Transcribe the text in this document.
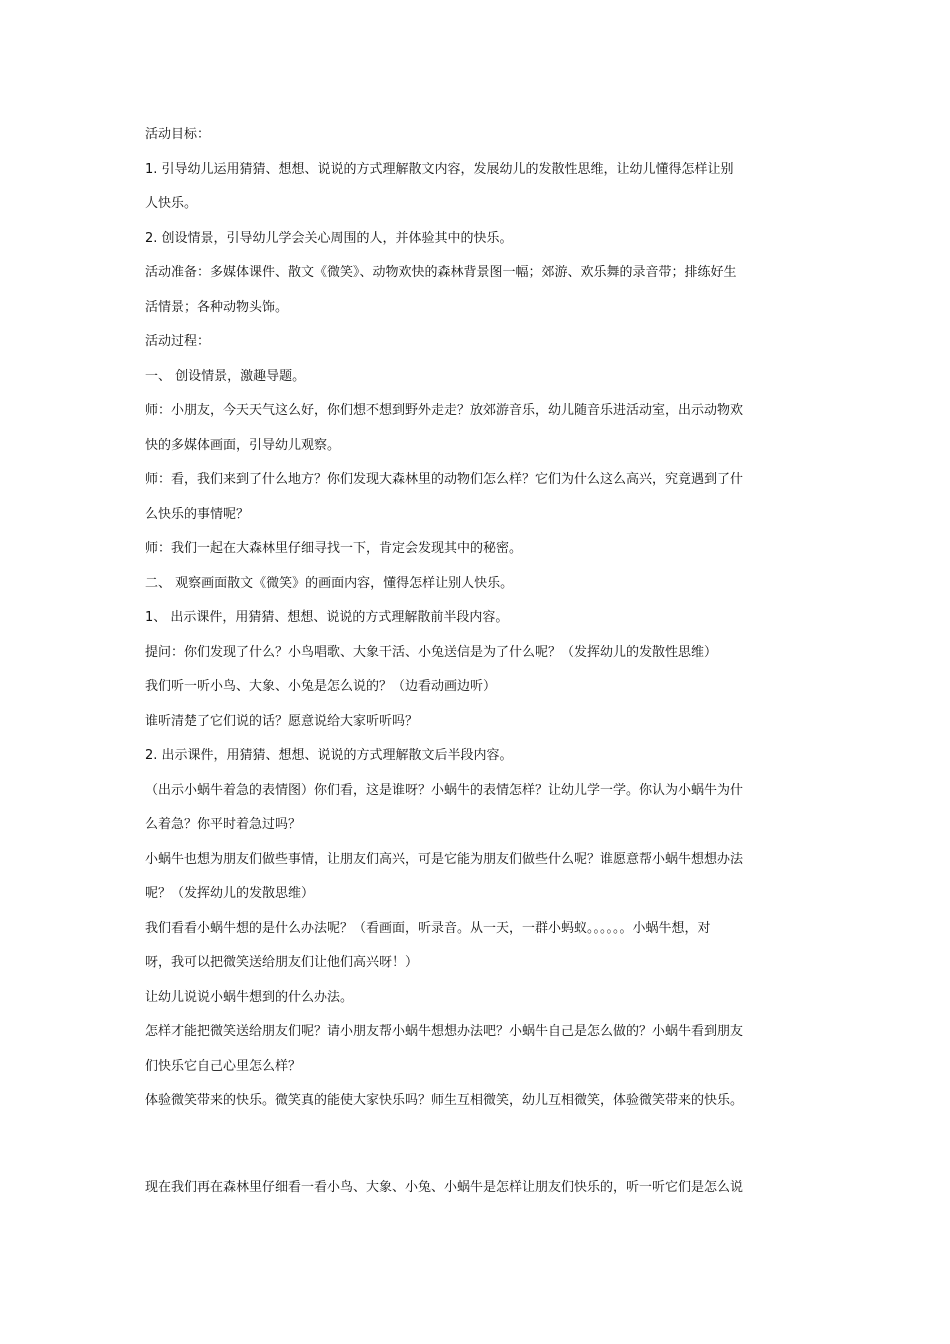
活动目标：
1. 引导幼儿运用猜猜、想想、说说的方式理解散文内容，发展幼儿的发散性思维，让幼儿懂得怎样让别
人快乐。
2. 创设情景，引导幼儿学会关心周围的人，并体验其中的快乐。
活动准备：多媒体课件、散文《微笑》、动物欢快的森林背景图一幅；郊游、欢乐舞的录音带；排练好生
活情景；各种动物头饰。
活动过程：
一、 创设情景，激趣导题。
师：小朋友，今天天气这么好，你们想不想到野外走走？放郊游音乐，幼儿随音乐进活动室，出示动物欢
快的多媒体画面，引导幼儿观察。
师：看，我们来到了什么地方？你们发现大森林里的动物们怎么样？它们为什么这么高兴，究竟遇到了什
么快乐的事情呢？
师：我们一起在大森林里仔细寻找一下，肯定会发现其中的秘密。
二、 观察画面散文《微笑》的画面内容，懂得怎样让别人快乐。
1、 出示课件，用猜猜、想想、说说的方式理解散前半段内容。
提问：你们发现了什么？小鸟唱歌、大象干活、小兔送信是为了什么呢？（发挥幼儿的发散性思维）
我们听一听小鸟、大象、小兔是怎么说的？（边看动画边听）
谁听清楚了它们说的话？愿意说给大家听听吗？
2. 出示课件，用猜猜、想想、说说的方式理解散文后半段内容。
（出示小蜗牛着急的表情图）你们看，这是谁呀？小蜗牛的表情怎样？让幼儿学一学。你认为小蜗牛为什
么着急？你平时着急过吗？
小蜗牛也想为朋友们做些事情，让朋友们高兴，可是它能为朋友们做些什么呢？谁愿意帮小蜗牛想想办法
呢？（发挥幼儿的发散思维）
我们看看小蜗牛想的是什么办法呢？（看画面，听录音。从一天，一群小蚂蚁。。。。。。小蜗牛想，对
呀，我可以把微笑送给朋友们让他们高兴呀！）
让幼儿说说小蜗牛想到的什么办法。
怎样才能把微笑送给朋友们呢？请小朋友帮小蜗牛想想办法吧？小蜗牛自己是怎么做的？小蜗牛看到朋友
们快乐它自己心里怎么样？
体验微笑带来的快乐。微笑真的能使大家快乐吗？师生互相微笑，幼儿互相微笑，体验微笑带来的快乐。
现在我们再在森林里仔细看一看小鸟、大象、小兔、小蜗牛是怎样让朋友们快乐的，听一听它们是怎么说
